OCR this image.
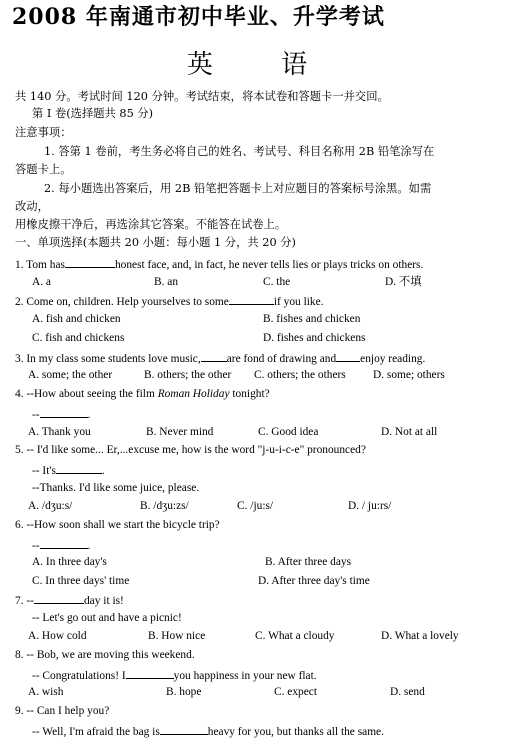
2008 年南通市初中毕业、升学考试
英 语
共 140 分。考试时间 120 分钟。考试结束，将本试卷和答题卡一并交回。
第 I 卷(选择题共 85 分)
注意事项：
1. 答第 1 卷前，考生务必将自己的姓名、考试号、科目名称用 2B 铅笔涂写在
答题卡上。
2. 每小题选出答案后，用 2B 铅笔把答题卡上对应题目的答案标号涂黑。如需
改动，
用橡皮擦干净后，再选涂其它答案。不能答在试卷上。
一、单项选择(本题共 20 小题：每小题 1 分，共 20 分)
1. Tom has	honest face, and, in fact, he never tells lies or plays tricks on others.
A. a	B. an	C. the	D. 不填
2. Come on, children. Help yourselves to some	if you like.
A. fish and chicken	B. fishes and chicken
C. fish and chickens	D. fishes and chickens
3. In my class some students love music, are fond of drawing and enjoy reading.
A. some; the other	B. others; the other C. others; the others D. some; others
4. --How about seeing the film Roman Holiday tonight?
--	.
A. Thank you	B. Never mind	C. Good idea	D. Not at all
5. -- I'd like some... Er,...excuse me, how is the word "j-u-i-c-e" pronounced?
-- It's	.
--Thanks. I'd like some juice, please.
A. /dʒu:s/	B. /dʒu:zs/	C. /ju:s/	D. / ju:rs/
6. --How soon shall we start the bicycle trip?
--	.
A. In three day's	B. After three days
C. In three days' time	D. After three day's time
7. --	day it is!
-- Let's go out and have a picnic!
A. How cold	B. How nice	C. What a cloudy	D. What a lovely
8. -- Bob, we are moving this weekend.
-- Congratulations! I	you happiness in your new flat.
A. wish	B. hope	C. expect	D. send
9. -- Can I help you?
-- Well, I'm afraid the bag is	heavy for you, but thanks all the same.
